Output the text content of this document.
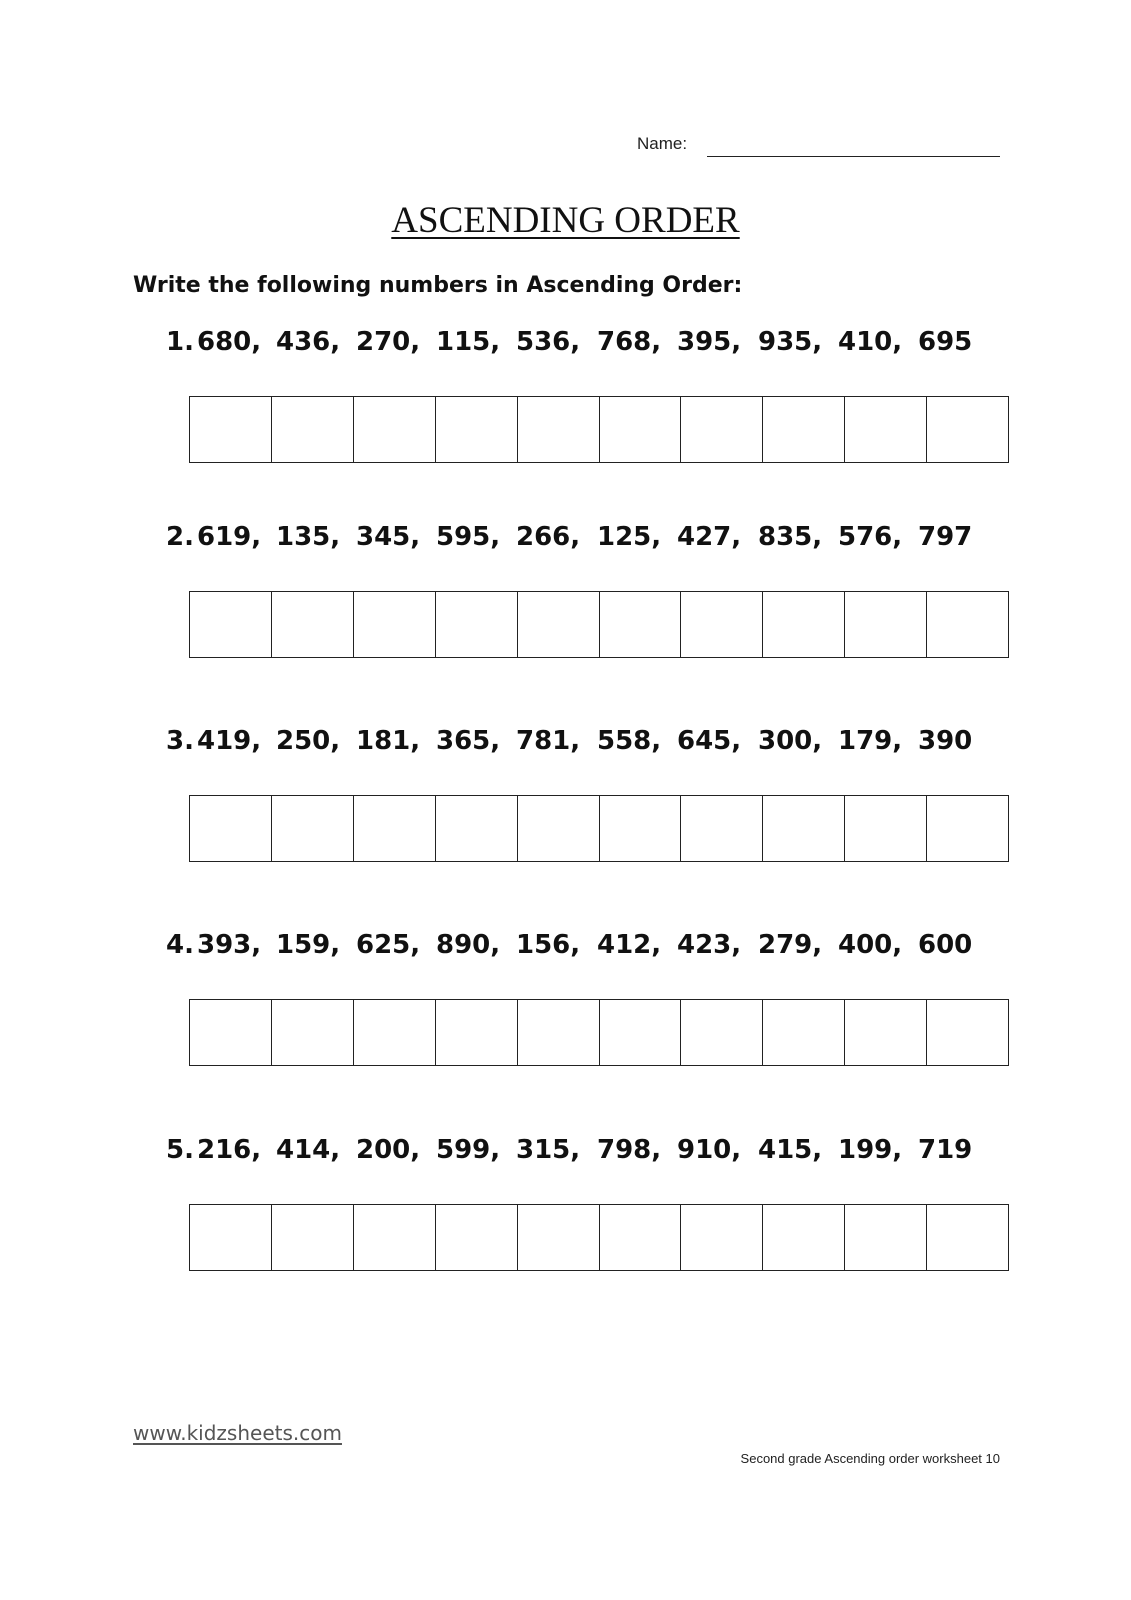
Name:
ASCENDING ORDER
Write the following numbers in Ascending Order:
1. 680, 436, 270, 115, 536, 768, 395, 935, 410, 695
2. 619, 135, 345, 595, 266, 125, 427, 835, 576, 797
3. 419, 250, 181, 365, 781, 558, 645, 300, 179, 390
4. 393, 159, 625, 890, 156, 412, 423, 279, 400, 600
5. 216, 414, 200, 599, 315, 798, 910, 415, 199, 719
www.kidzsheets.com
Second grade Ascending order worksheet 10
